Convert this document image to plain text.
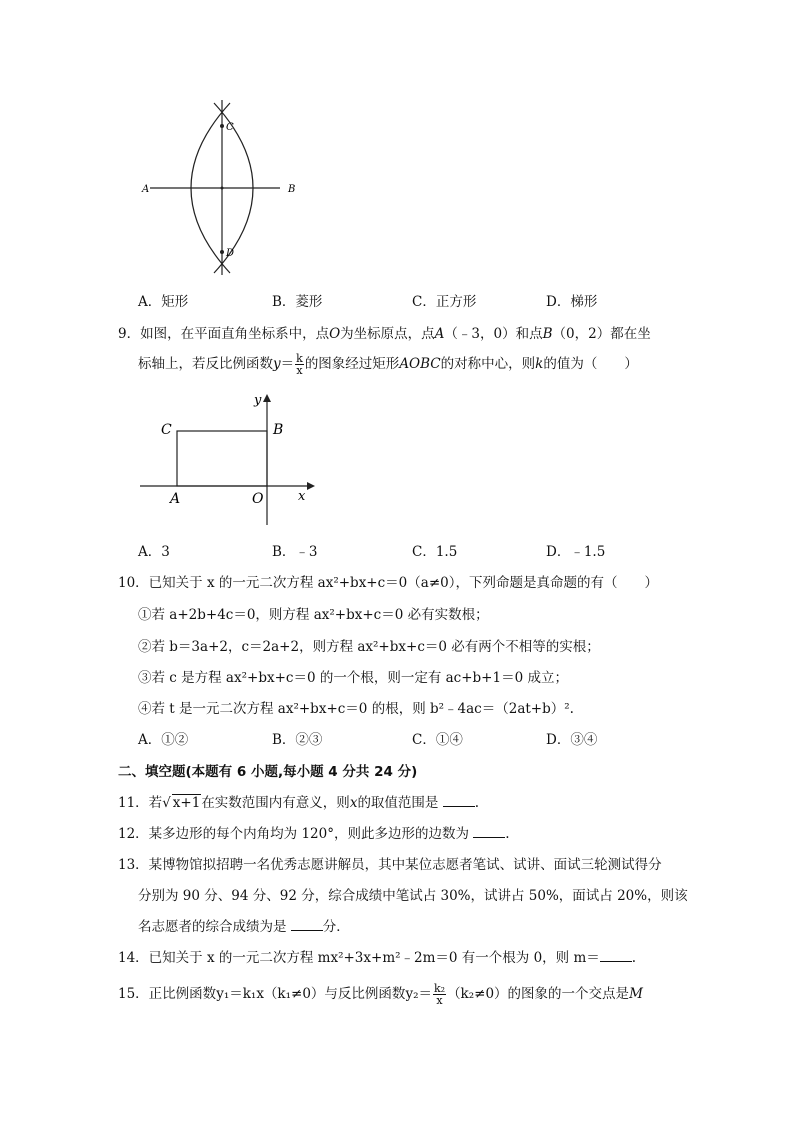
A	B
C
D
A．矩形	B．菱形	C．正方形	D．梯形
9．如图，在平面直角坐标系中，点O为坐标原点，点A（﹣3，0）和点B（0，2）都在坐
标轴上，若反比例函数$y= \frac{k}{x}$ 的图象经过矩形AOBC的对称中心，则k的值为（　　）
y
x
C	B
A	O
A．3	B．﹣3	C．1.5	D．﹣1.5
10．已知关于 x 的一元二次方程 ax²+bx+c＝0（a≠0），下列命题是真命题的有（　　）
①若 a+2b+4c＝0，则方程 ax²+bx+c＝0 必有实数根；
②若 b＝3a+2，c＝2a+2，则方程 ax²+bx+c＝0 必有两个不相等的实根；
③若 c 是方程 ax²+bx+c＝0 的一个根，则一定有 ac+b+1＝0 成立；
④若 t 是一元二次方程 ax²+bx+c＝0 的根，则 b²﹣4ac＝（2at+b）².
A．①②	B．②③	C．①④	D．③④
二、填空题(本题有 6 小题,每小题 4 分共 24 分)
11．若√ x+1在实数范围内有意义，则x的取值范围是	.
12．某多边形的每个内角均为 120°，则此多边形的边数为	.
13．某博物馆拟招聘一名优秀志愿讲解员，其中某位志愿者笔试、试讲、面试三轮测试得分
分别为 90 分、94 分、92 分，综合成绩中笔试占 30%，试讲占 50%，面试占 20%，则该
名志愿者的综合成绩为是	分．
14．已知关于 x 的一元二次方程 mx²+3x+m²﹣2m＝0 有一个根为 0，则 m＝ .
15．正比例函数y₁＝k₁x（k₁≠0）与反比例函数$y_2= \frac{\text{k₂}}{x} (k_2\ne 0)$的图象的一个交点是M
